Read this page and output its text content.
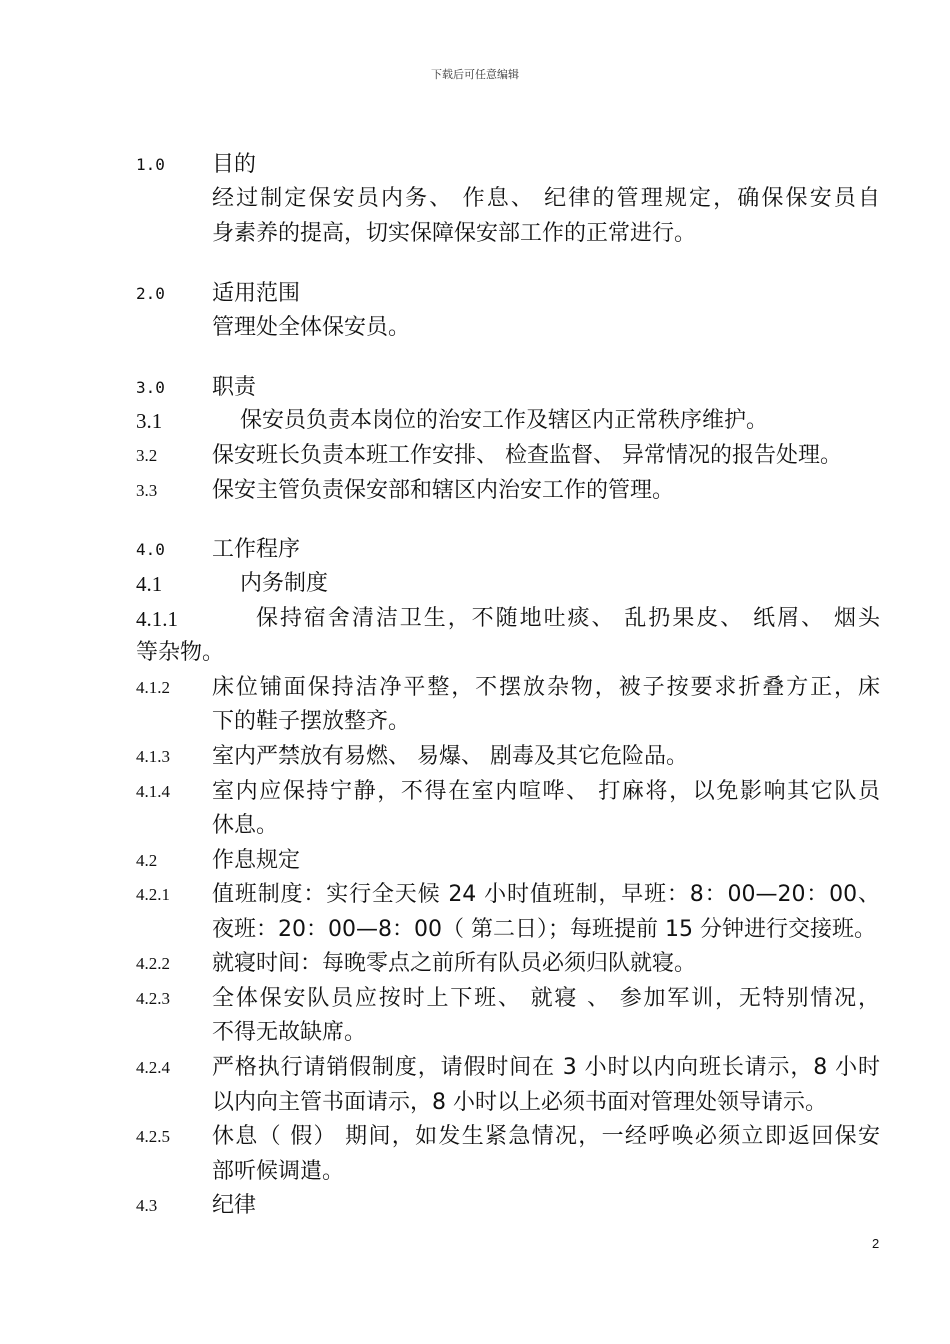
下载后可任意编辑
1.0 目的
经过制定保安员内务、 作息、 纪律的管理规定，确保保安员自
身素养的提高，切实保障保安部工作的正常进行。
2.0 适用范围
管理处全体保安员。
3.0 职责
3.1	保安员负责本岗位的治安工作及辖区内正常秩序维护。
3.2 保安班长负责本班工作安排、 检查监督、 异常情况的报告处理。
3.3 保安主管负责保安部和辖区内治安工作的管理。
4.0 工作程序
4.1	内务制度
4.1.1	保持宿舍清洁卫生，不随地吐痰、 乱扔果皮、 纸屑、 烟头
等杂物。
4.1.2 床位铺面保持洁净平整，不摆放杂物，被子按要求折叠方正，床
下的鞋子摆放整齐。
4.1.3 室内严禁放有易燃、 易爆、 剧毒及其它危险品。
4.1.4 室内应保持宁静，不得在室内喧哗、 打麻将，以免影响其它队员
休息。
4.2 作息规定
4.2.1 值班制度：实行全天候 24 小时值班制，早班：8：00—20：00、
夜班：20：00—8：00（ 第二日）；每班提前 15 分钟进行交接班。
4.2.2 就寝时间：每晚零点之前所有队员必须归队就寝。
4.2.3 全体保安队员应按时上下班、 就寝 、 参加军训，无特别情况，
不得无故缺席。
4.2.4 严格执行请销假制度，请假时间在 3 小时以内向班长请示，8 小时
以内向主管书面请示，8 小时以上必须书面对管理处领导请示。
4.2.5 休息（ 假） 期间，如发生紧急情况，一经呼唤必须立即返回保安
部听候调遣。
4.3 纪律
2
